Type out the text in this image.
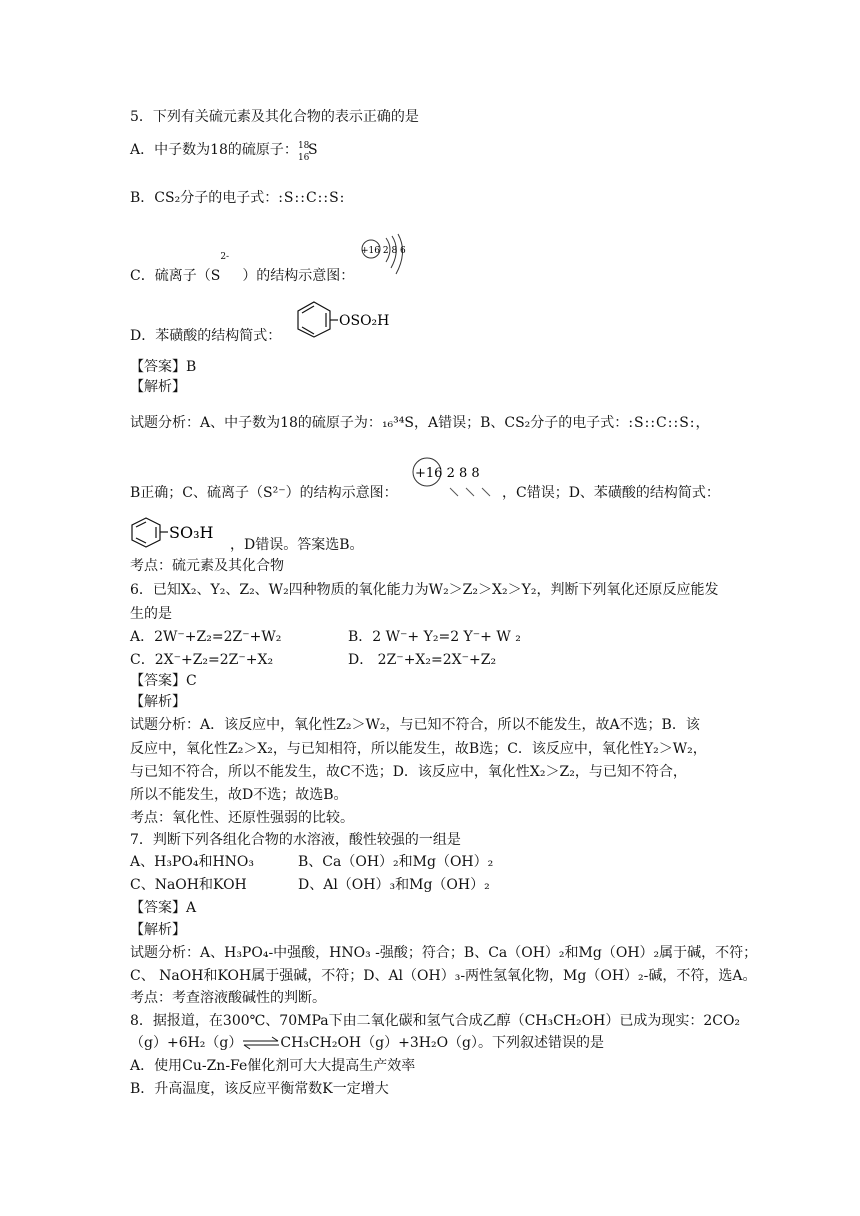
5．下列有关硫元素及其化合物的表示正确的是
A．中子数为18的硫原子： 18
16
S
B．CS₂分子的电子式：:S::C::S:
C．硫离子（S
2-
）的结构示意图：
+16 2 8 6
D．苯磺酸的结构简式：
OSO₂H
【答案】B
【解析】
试题分析：A、中子数为18的硫原子为：₁₆³⁴S，A错误；B、CS₂分子的电子式：:S::C::S:，
B正确；C、硫离子（S²⁻）的结构示意图：
+16 2 8 8
，C错误；D、苯磺酸的结构简式：
SO₃H
，D错误。答案选B。
考点：硫元素及其化合物
6．已知X₂、Y₂、Z₂、W₂四种物质的氧化能力为W₂＞Z₂＞X₂＞Y₂，判断下列氧化还原反应能发
生的是
A．2W⁻+Z₂=2Z⁻+W₂	B．2 W⁻+ Y₂=2 Y⁻+ W ₂
C．2X⁻+Z₂=2Z⁻+X₂	D． 2Z⁻+X₂=2X⁻+Z₂
【答案】C
【解析】
试题分析：A．该反应中，氧化性Z₂＞W₂，与已知不符合，所以不能发生，故A不选；B．该
反应中，氧化性Z₂＞X₂，与已知相符，所以能发生，故B选；C．该反应中，氧化性Y₂＞W₂，
与已知不符合，所以不能发生，故C不选；D．该反应中，氧化性X₂＞Z₂，与已知不符合，
所以不能发生，故D不选；故选B。
考点：氧化性、还原性强弱的比较。
7．判断下列各组化合物的水溶液，酸性较强的一组是
A、H₃PO₄和HNO₃	B、Ca（OH）₂和Mg（OH）₂
C、NaOH和KOH	D、Al（OH）₃和Mg（OH）₂
【答案】A
【解析】
试题分析：A、H₃PO₄-中强酸，HNO₃ -强酸；符合；B、Ca（OH）₂和Mg（OH）₂属于碱，不符；
C、 NaOH和KOH属于强碱，不符；D、Al（OH）₃-两性氢氧化物，Mg（OH）₂-碱，不符，选A。
考点：考查溶液酸碱性的判断。
8．据报道，在300℃、70MPa下由二氧化碳和氢气合成乙醇（CH₃CH₂OH）已成为现实：2CO₂
（g）+6H₂（g）⇌CH₃CH₂OH（g）+3H₂O（g）。下列叙述错误的是
A．使用Cu-Zn-Fe催化剂可大大提高生产效率
B．升高温度，该反应平衡常数K一定增大
